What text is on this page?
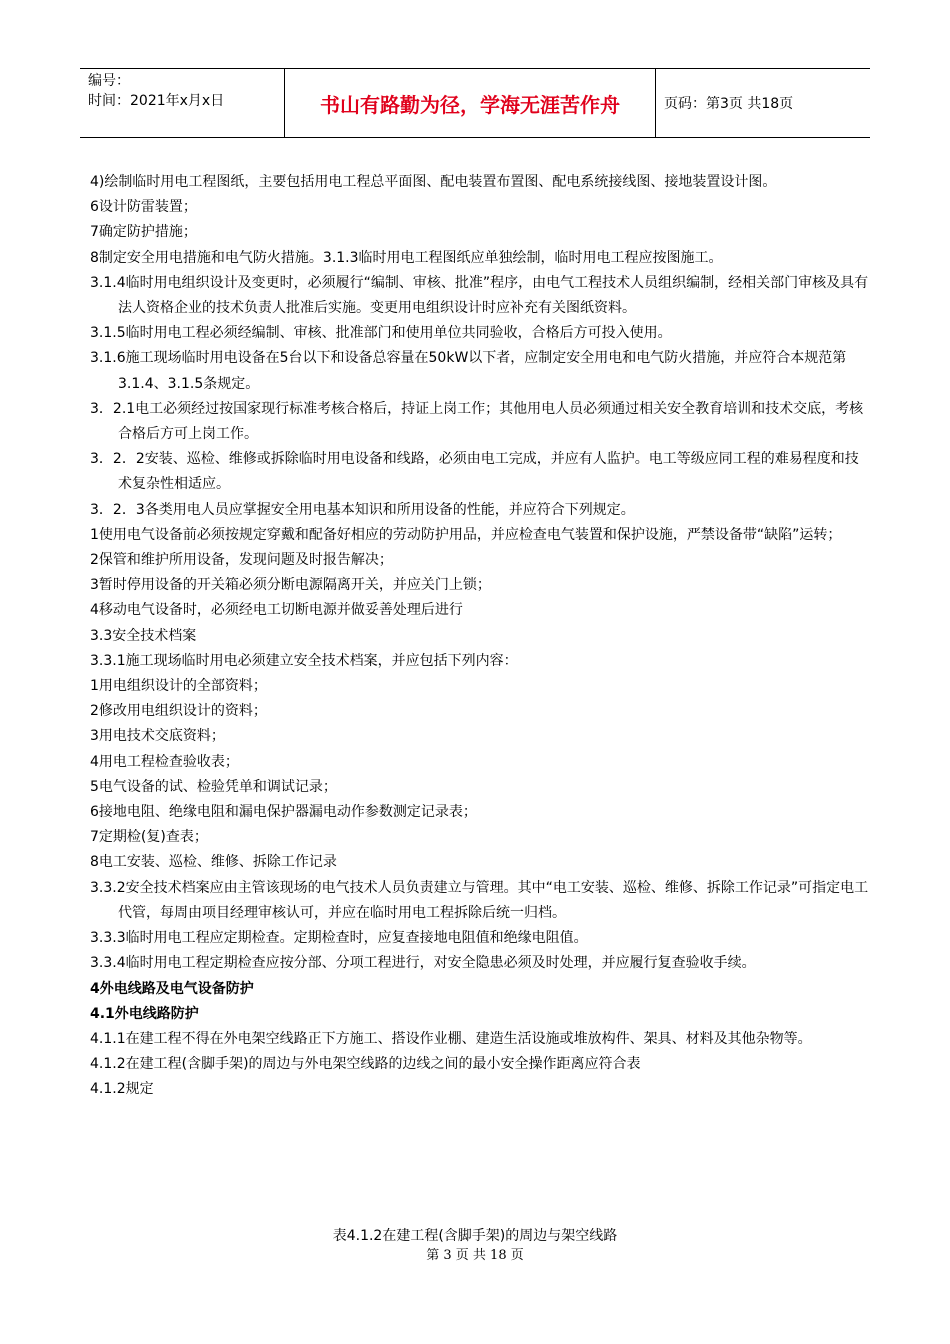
编号：
时间：2021年x月x日	书山有路勤为径，学海无涯苦作舟	页码：第3页 共18页

4)绘制临时用电工程图纸，主要包括用电工程总平面图、配电装置布置图、配电系统接线图、接地装置设计图。

6设计防雷装置；

7确定防护措施；

8制定安全用电措施和电气防火措施。3.1.3临时用电工程图纸应单独绘制，临时用电工程应按图施工。

3.1.4临时用电组织设计及变更时，必须履行“编制、审核、批准”程序，由电气工程技术人员组织编制，经相关部门审核及具有法人资格企业的技术负责人批准后实施。变更用电组织设计时应补充有关图纸资料。

3.1.5临时用电工程必须经编制、审核、批准部门和使用单位共同验收，合格后方可投入使用。

3.1.6施工现场临时用电设备在5台以下和设备总容量在50kW以下者，应制定安全用电和电气防火措施，并应符合本规范第3.1.4、3.1.5条规定。

3．2.1电工必须经过按国家现行标准考核合格后，持证上岗工作；其他用电人员必须通过相关安全教育培训和技术交底，考核合格后方可上岗工作。

3．2．2安装、巡检、维修或拆除临时用电设备和线路，必须由电工完成，并应有人监护。电工等级应同工程的难易程度和技术复杂性相适应。

3．2．3各类用电人员应掌握安全用电基本知识和所用设备的性能，并应符合下列规定。

1使用电气设备前必须按规定穿戴和配备好相应的劳动防护用品，并应检查电气装置和保护设施，严禁设备带“缺陷”运转；

2保管和维护所用设备，发现问题及时报告解决；

3暂时停用设备的开关箱必须分断电源隔离开关，并应关门上锁；

4移动电气设备时，必须经电工切断电源并做妥善处理后进行

3.3安全技术档案

3.3.1施工现场临时用电必须建立安全技术档案，并应包括下列内容：

1用电组织设计的全部资料；

2修改用电组织设计的资料；

3用电技术交底资料；

4用电工程检查验收表；

5电气设备的试、检验凭单和调试记录；

6接地电阻、绝缘电阻和漏电保护器漏电动作参数测定记录表；

7定期检(复)查表；

8电工安装、巡检、维修、拆除工作记录

3.3.2安全技术档案应由主管该现场的电气技术人员负责建立与管理。其中“电工安装、巡检、维修、拆除工作记录”可指定电工代管，每周由项目经理审核认可，并应在临时用电工程拆除后统一归档。

3.3.3临时用电工程应定期检查。定期检查时，应复查接地电阻值和绝缘电阻值。

3.3.4临时用电工程定期检查应按分部、分项工程进行，对安全隐患必须及时处理，并应履行复查验收手续。

4外电线路及电气设备防护

4.1外电线路防护

4.1.1在建工程不得在外电架空线路正下方施工、搭设作业棚、建造生活设施或堆放构件、架具、材料及其他杂物等。

4.1.2在建工程(含脚手架)的周边与外电架空线路的边线之间的最小安全操作距离应符合表

4.1.2规定

表4.1.2在建工程(含脚手架)的周边与架空线路
第 3 页 共 18 页
